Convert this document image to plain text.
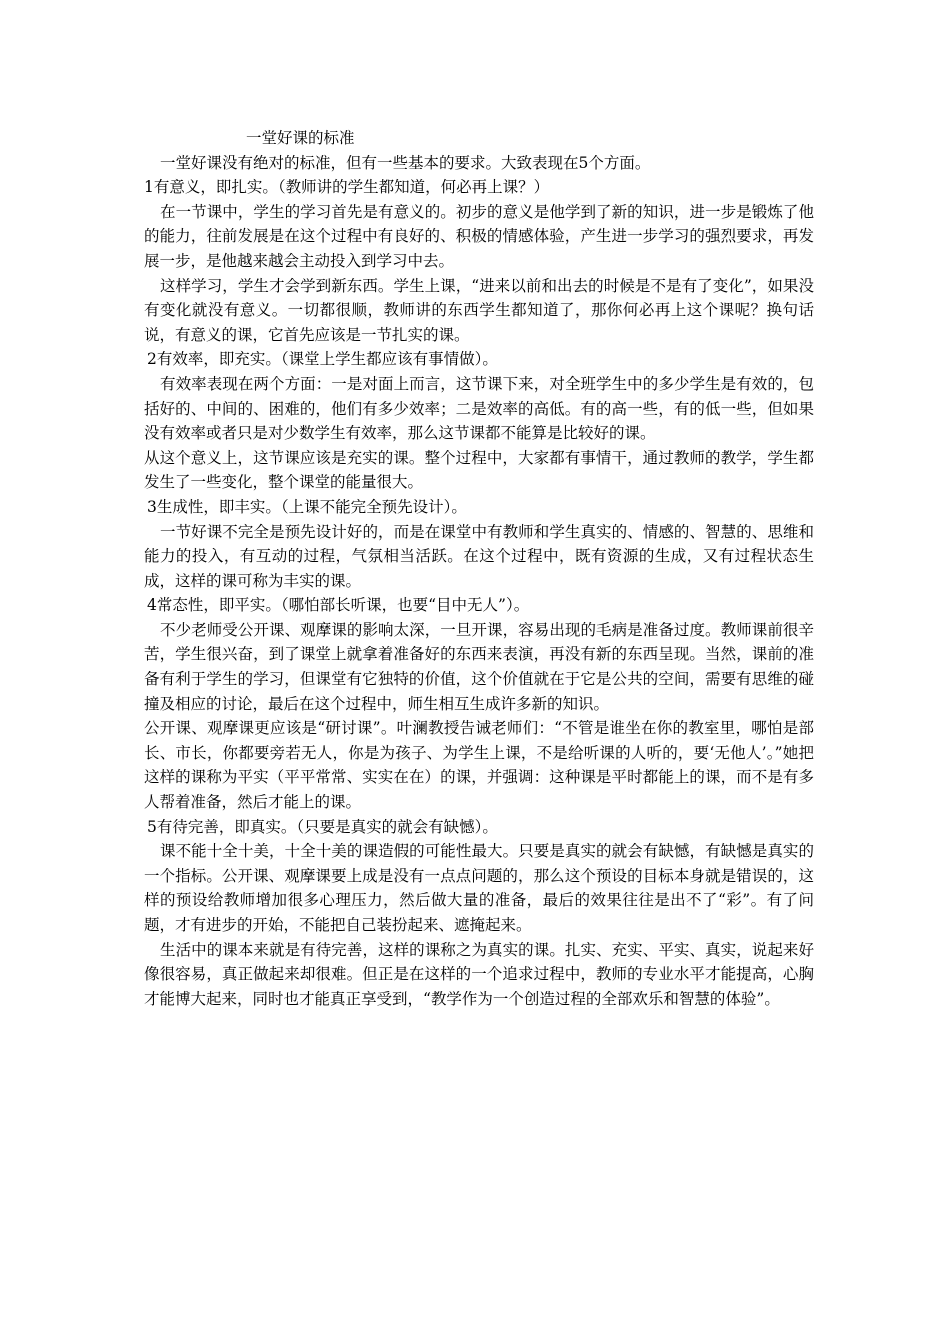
一堂好课的标准

一堂好课没有绝对的标准，但有一些基本的要求。大致表现在5个方面。

1有意义，即扎实。（教师讲的学生都知道，何必再上课？）

在一节课中，学生的学习首先是有意义的。初步的意义是他学到了新的知识，进一步是锻炼了他的能力，往前发展是在这个过程中有良好的、积极的情感体验，产生进一步学习的强烈要求，再发展一步，是他越来越会主动投入到学习中去。

这样学习，学生才会学到新东西。学生上课，“进来以前和出去的时候是不是有了变化”，如果没有变化就没有意义。一切都很顺，教师讲的东西学生都知道了，那你何必再上这个课呢？换句话说，有意义的课，它首先应该是一节扎实的课。

2有效率，即充实。（课堂上学生都应该有事情做）。

有效率表现在两个方面：一是对面上而言，这节课下来，对全班学生中的多少学生是有效的，包括好的、中间的、困难的，他们有多少效率；二是效率的高低。有的高一些，有的低一些，但如果没有效率或者只是对少数学生有效率，那么这节课都不能算是比较好的课。

从这个意义上，这节课应该是充实的课。整个过程中，大家都有事情干，通过教师的教学，学生都发生了一些变化，整个课堂的能量很大。

3生成性，即丰实。（上课不能完全预先设计）。

一节好课不完全是预先设计好的，而是在课堂中有教师和学生真实的、情感的、智慧的、思维和能力的投入，有互动的过程，气氛相当活跃。在这个过程中，既有资源的生成，又有过程状态生成，这样的课可称为丰实的课。

4常态性，即平实。（哪怕部长听课，也要“目中无人”）。

不少老师受公开课、观摩课的影响太深，一旦开课，容易出现的毛病是准备过度。教师课前很辛苦，学生很兴奋，到了课堂上就拿着准备好的东西来表演，再没有新的东西呈现。当然，课前的准备有利于学生的学习，但课堂有它独特的价值，这个价值就在于它是公共的空间，需要有思维的碰撞及相应的讨论，最后在这个过程中，师生相互生成许多新的知识。

公开课、观摩课更应该是“研讨课”。叶澜教授告诫老师们：“不管是谁坐在你的教室里，哪怕是部长、市长，你都要旁若无人，你是为孩子、为学生上课，不是给听课的人听的，要‘无他人’。”她把这样的课称为平实（平平常常、实实在在）的课，并强调：这种课是平时都能上的课，而不是有多人帮着准备，然后才能上的课。

5有待完善，即真实。（只要是真实的就会有缺憾）。

课不能十全十美，十全十美的课造假的可能性最大。只要是真实的就会有缺憾，有缺憾是真实的一个指标。公开课、观摩课要上成是没有一点点问题的，那么这个预设的目标本身就是错误的，这样的预设给教师增加很多心理压力，然后做大量的准备，最后的效果往往是出不了“彩”。有了问题，才有进步的开始，不能把自己装扮起来、遮掩起来。

生活中的课本来就是有待完善，这样的课称之为真实的课。扎实、充实、平实、真实，说起来好像很容易，真正做起来却很难。但正是在这样的一个追求过程中，教师的专业水平才能提高，心胸才能博大起来，同时也才能真正享受到，“教学作为一个创造过程的全部欢乐和智慧的体验”。
